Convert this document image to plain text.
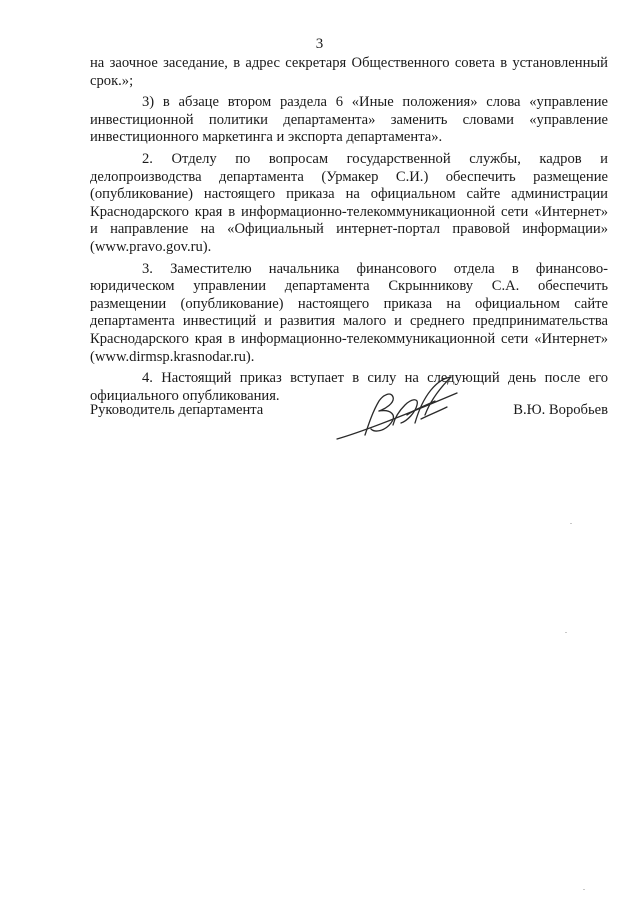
3

на заочное заседание, в адрес секретаря Общественного совета в установленный срок.»;

3) в абзаце втором раздела 6 «Иные положения» слова «управление инвестиционной политики департамента» заменить словами «управление инвестиционного маркетинга и экспорта департамента».

2. Отделу по вопросам государственной службы, кадров и делопроизводства департамента (Урмакер С.И.) обеспечить размещение (опубликование) настоящего приказа на официальном сайте администрации Краснодарского края в информационно-телекоммуникационной сети «Интернет» и направление на «Официальный интернет-портал правовой информации» (www.pravo.gov.ru).

3. Заместителю начальника финансового отдела в финансово-юридическом управлении департамента Скрынникову С.А. обеспечить размещении (опубликование) настоящего приказа на официальном сайте департамента инвестиций и развития малого и среднего предпринимательства Краснодарского края в информационно-телекоммуникационной сети «Интернет» (www.dirmsp.krasnodar.ru).

4. Настоящий приказ вступает в силу на следующий день после его официального опубликования.

Руководитель департамента	В.Ю. Воробьев
